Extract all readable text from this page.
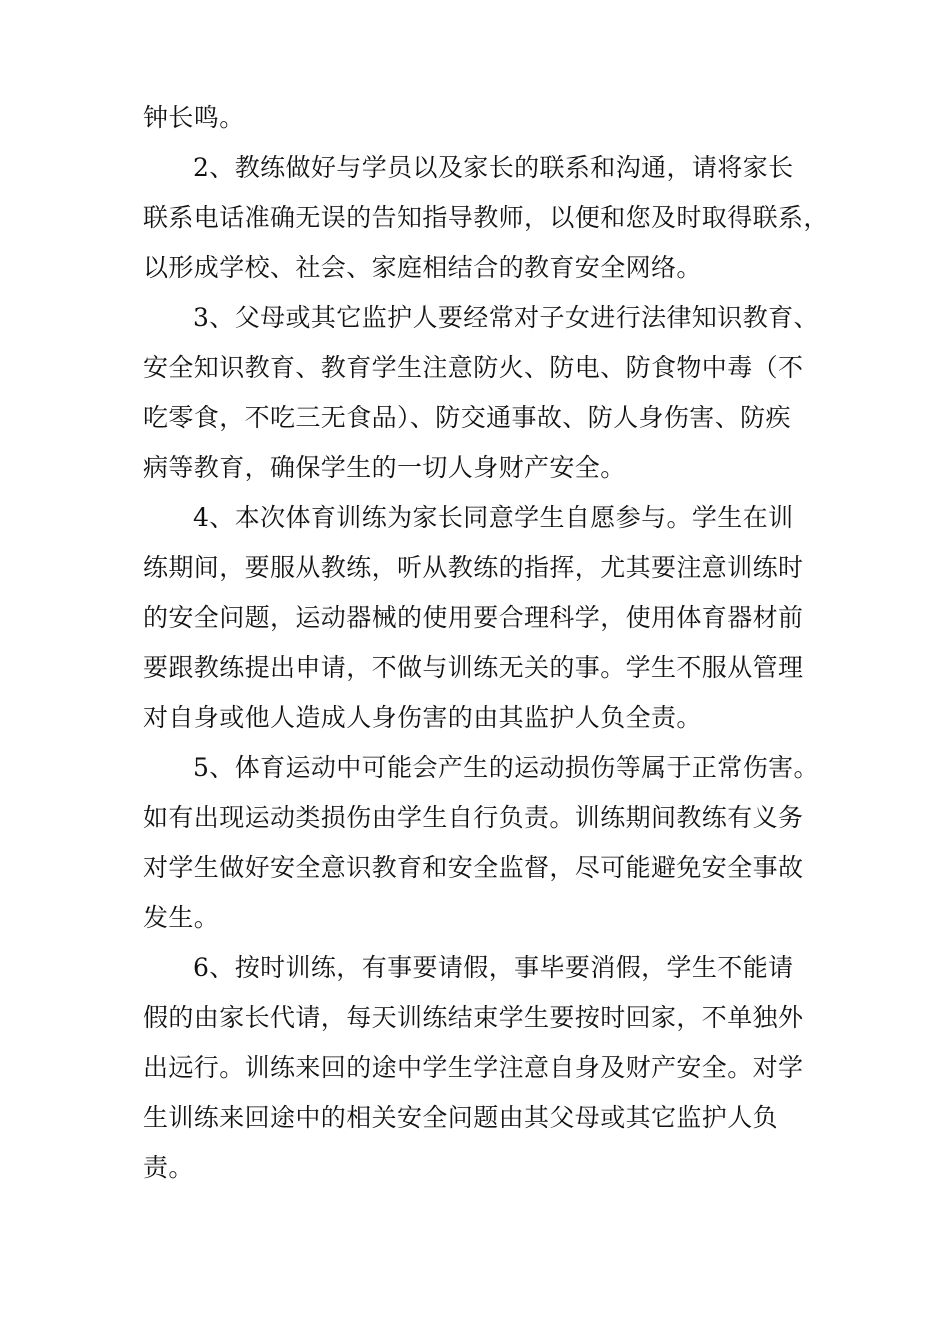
钟长鸣。
2、教练做好与学员以及家长的联系和沟通，请将家长
联系电话准确无误的告知指导教师，以便和您及时取得联系，
以形成学校、社会、家庭相结合的教育安全网络。
3、父母或其它监护人要经常对子女进行法律知识教育、
安全知识教育、教育学生注意防火、防电、防食物中毒（不
吃零食，不吃三无食品）、防交通事故、防人身伤害、防疾
病等教育，确保学生的一切人身财产安全。
4、本次体育训练为家长同意学生自愿参与。学生在训
练期间，要服从教练，听从教练的指挥，尤其要注意训练时
的安全问题，运动器械的使用要合理科学，使用体育器材前
要跟教练提出申请，不做与训练无关的事。学生不服从管理
对自身或他人造成人身伤害的由其监护人负全责。
5、体育运动中可能会产生的运动损伤等属于正常伤害。
如有出现运动类损伤由学生自行负责。训练期间教练有义务
对学生做好安全意识教育和安全监督，尽可能避免安全事故
发生。
6、按时训练，有事要请假，事毕要消假，学生不能请
假的由家长代请，每天训练结束学生要按时回家，不单独外
出远行。训练来回的途中学生学注意自身及财产安全。对学
生训练来回途中的相关安全问题由其父母或其它监护人负
责。
